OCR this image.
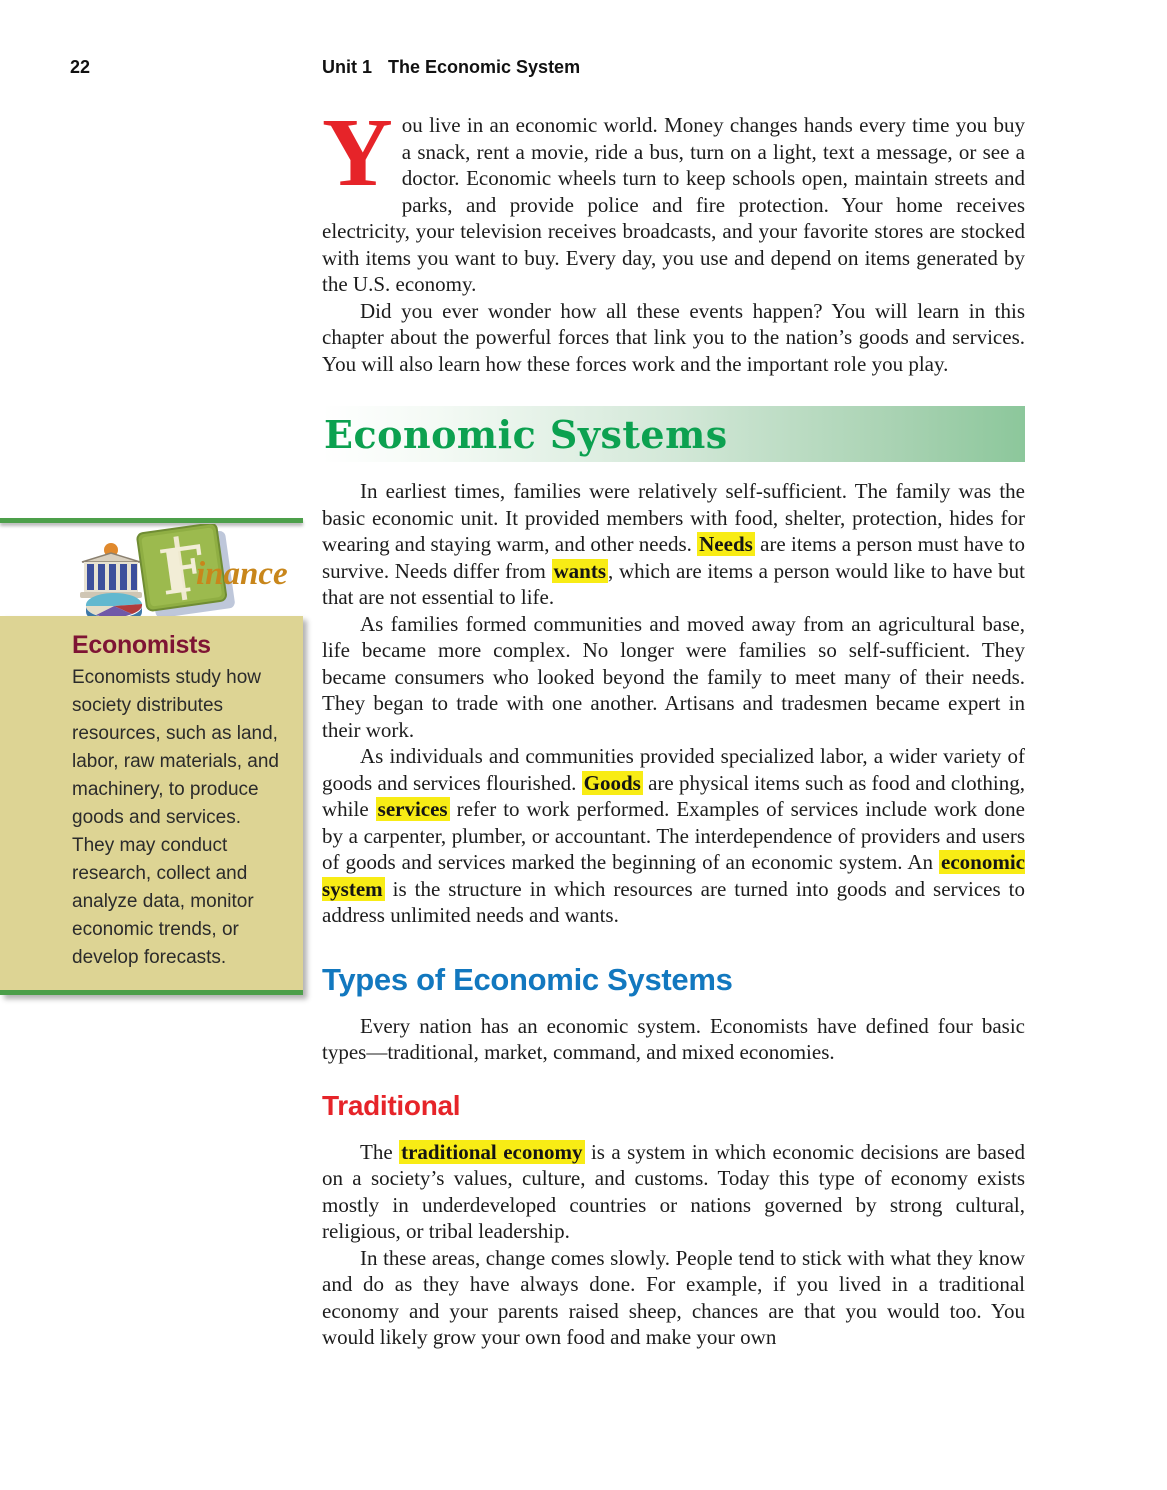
22	Unit 1 The Economic System

You live in an economic world. Money changes hands every time you buy a snack, rent a movie, ride a bus, turn on a light, text a message, or see a doctor. Economic wheels turn to keep schools open, maintain streets and parks, and provide police and fire protection. Your home receives electricity, your television receives broadcasts, and your favorite stores are stocked with items you want to buy. Every day, you use and depend on items generated by the U.S. economy.

Did you ever wonder how all these events happen? You will learn in this chapter about the powerful forces that link you to the nation’s goods and services. You will also learn how these forces work and the important role you play.

Economic Systems

In earliest times, families were relatively self-sufficient. The family was the basic economic unit. It provided members with food, shelter, protection, hides for wearing and staying warm, and other needs. Needs are items a person must have to survive. Needs differ from wants, which are items a person would like to have but that are not essential to life.

As families formed communities and moved away from an agricultural base, life became more complex. No longer were families so self-sufficient. They became consumers who looked beyond the family to meet many of their needs. They began to trade with one another. Artisans and tradesmen became expert in their work.

As individuals and communities provided specialized labor, a wider variety of goods and services flourished. Goods are physical items such as food and clothing, while services refer to work performed. Examples of services include work done by a carpenter, plumber, or accountant. The interdependence of providers and users of goods and services marked the beginning of an economic system. An economic system is the structure in which resources are turned into goods and services to address unlimited needs and wants.

Types of Economic Systems

Every nation has an economic system. Economists have defined four basic types—traditional, market, command, and mixed economies.

Traditional

The traditional economy is a system in which economic decisions are based on a society’s values, culture, and customs. Today this type of economy exists mostly in underdeveloped countries or nations governed by strong cultural, religious, or tribal leadership.

In these areas, change comes slowly. People tend to stick with what they know and do as they have always done. For example, if you lived in a traditional economy and your parents raised sheep, chances are that you would too. You would likely grow your own food and make your own

F
inance
Economists

Economists study how society distributes resources, such as land, labor, raw materials, and machinery, to produce goods and services. They may conduct research, collect and analyze data, monitor economic trends, or develop forecasts.
